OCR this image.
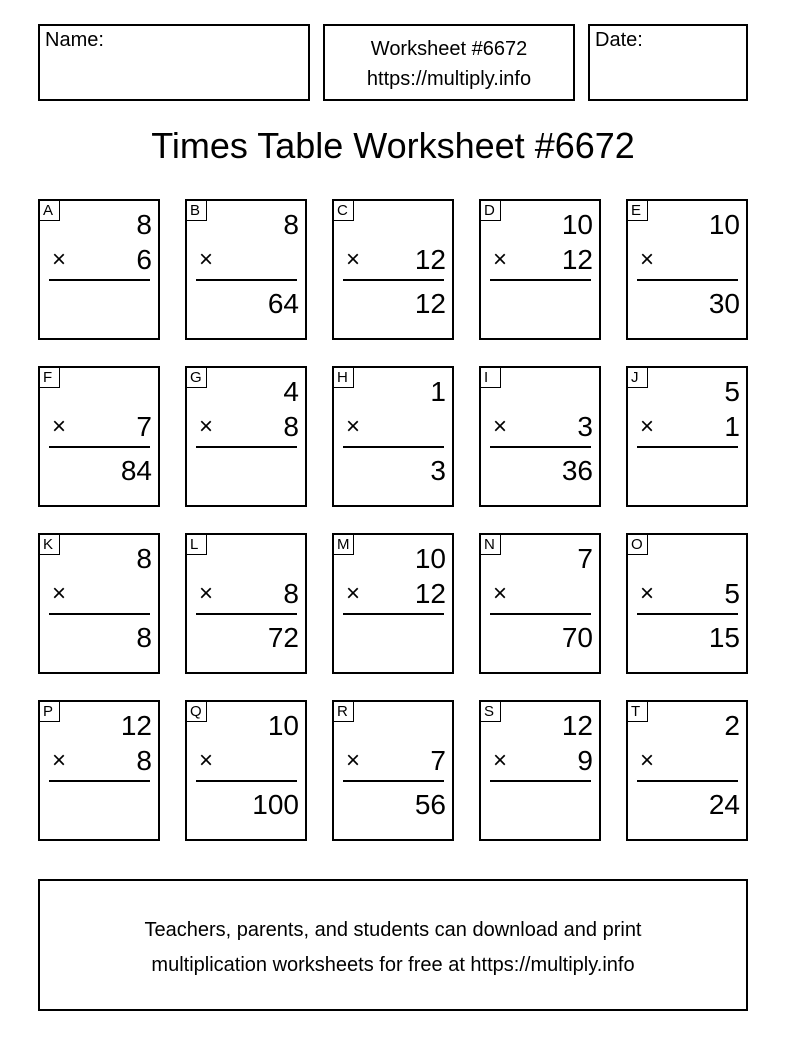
Name:	Worksheet #6672
https://multiply.info
Date:
Times Table Worksheet #6672
A	8
×	6
B	8
×
64
C
× 12
12
D 10
× 12
E 10
×
30
F
×	7
84
G	4
×	8
H	1
×
3
I
×	3
36
J	5
×	1
K	8
×
8
L
×	8
72
M 10
× 12
N	7
×
70
O
×	5
15
P 12
×	8
Q 10
×
100
R
×	7
56
S 12
×	9
T	2
×
24
Teachers, parents, and students can download and print
multiplication worksheets for free at https://multiply.info
